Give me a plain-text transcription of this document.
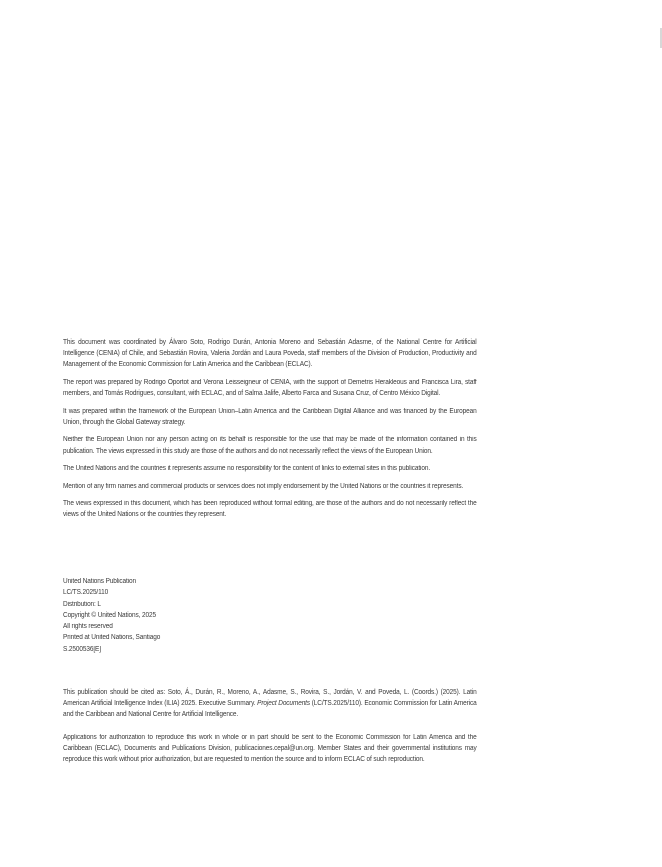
This document was coordinated by Álvaro Soto, Rodrigo Durán, Antonia Moreno and Sebastián Adasme, of the National Centre for Artificial Intelligence (CENIA) of Chile, and Sebastián Rovira, Valeria Jordán and Laura Poveda, staff members of the Division of Production, Productivity and Management of the Economic Commission for Latin America and the Caribbean (ECLAC).

The report was prepared by Rodrigo Oportot and Verona Leisseigneur of CENIA, with the support of Demetris Herakleous and Francisca Lira, staff members, and Tomás Rodrigues, consultant, with ECLAC, and of Salma Jalife, Alberto Farca and Susana Cruz, of Centro México Digital.

It was prepared within the framework of the European Union–Latin America and the Caribbean Digital Alliance and was financed by the European Union, through the Global Gateway strategy.

Neither the European Union nor any person acting on its behalf is responsible for the use that may be made of the information contained in this publication. The views expressed in this study are those of the authors and do not necessarily reflect the views of the European Union.

The United Nations and the countries it represents assume no responsibility for the content of links to external sites in this publication.

Mention of any firm names and commercial products or services does not imply endorsement by the United Nations or the countries it represents.

The views expressed in this document, which has been reproduced without formal editing, are those of the authors and do not necessarily reflect the views of the United Nations or the countries they represent.

United Nations Publication
LC/TS.2025/110
Distribution: L
Copyright © United Nations, 2025
All rights reserved
Printed at United Nations, Santiago
S.2500536[E]

This publication should be cited as: Soto, Á., Durán, R., Moreno, A., Adasme, S., Rovira, S., Jordán, V. and Poveda, L. (Coords.) (2025). Latin American Artificial Intelligence Index (ILIA) 2025. Executive Summary. Project Documents (LC/TS.2025/110). Economic Commission for Latin America and the Caribbean and National Centre for Artificial Intelligence.

Applications for authorization to reproduce this work in whole or in part should be sent to the Economic Commission for Latin America and the Caribbean (ECLAC), Documents and Publications Division, publicaciones.cepal@un.org. Member States and their governmental institutions may reproduce this work without prior authorization, but are requested to mention the source and to inform ECLAC of such reproduction.
